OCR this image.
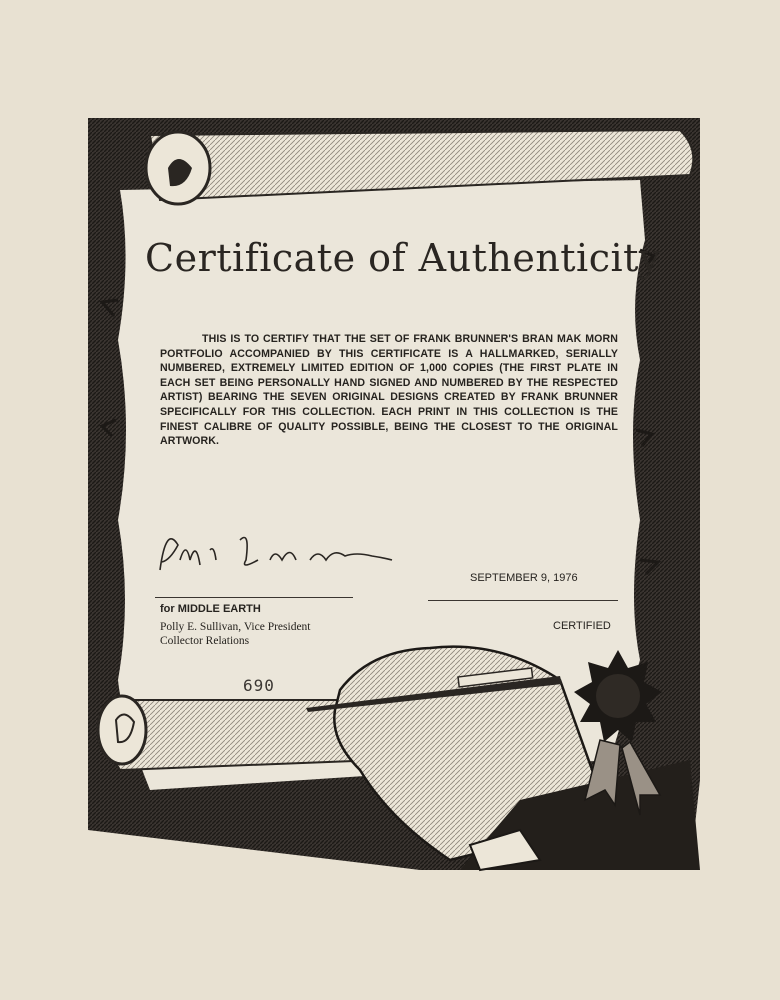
Certificate of Authenticity
THIS IS TO CERTIFY THAT THE SET OF FRANK BRUNNER'S BRAN MAK MORN PORTFOLIO ACCOMPANIED BY THIS CERTIFICATE IS A HALLMARKED, SERIALLY NUMBERED, EXTREMELY LIMITED EDITION OF 1,000 COPIES (THE FIRST PLATE IN EACH SET BEING PERSONALLY HAND SIGNED AND NUMBERED BY THE RESPECTED ARTIST) BEARING THE SEVEN ORIGINAL DESIGNS CREATED BY FRANK BRUNNER SPECIFICALLY FOR THIS COLLECTION. EACH PRINT IN THIS COLLECTION IS THE FINEST CALIBRE OF QUALITY POSSIBLE, BEING THE CLOSEST TO THE ORIGINAL ARTWORK.
SEPTEMBER 9, 1976
for MIDDLE EARTH
Polly E. Sullivan, Vice President
Collector Relations
CERTIFIED
690
